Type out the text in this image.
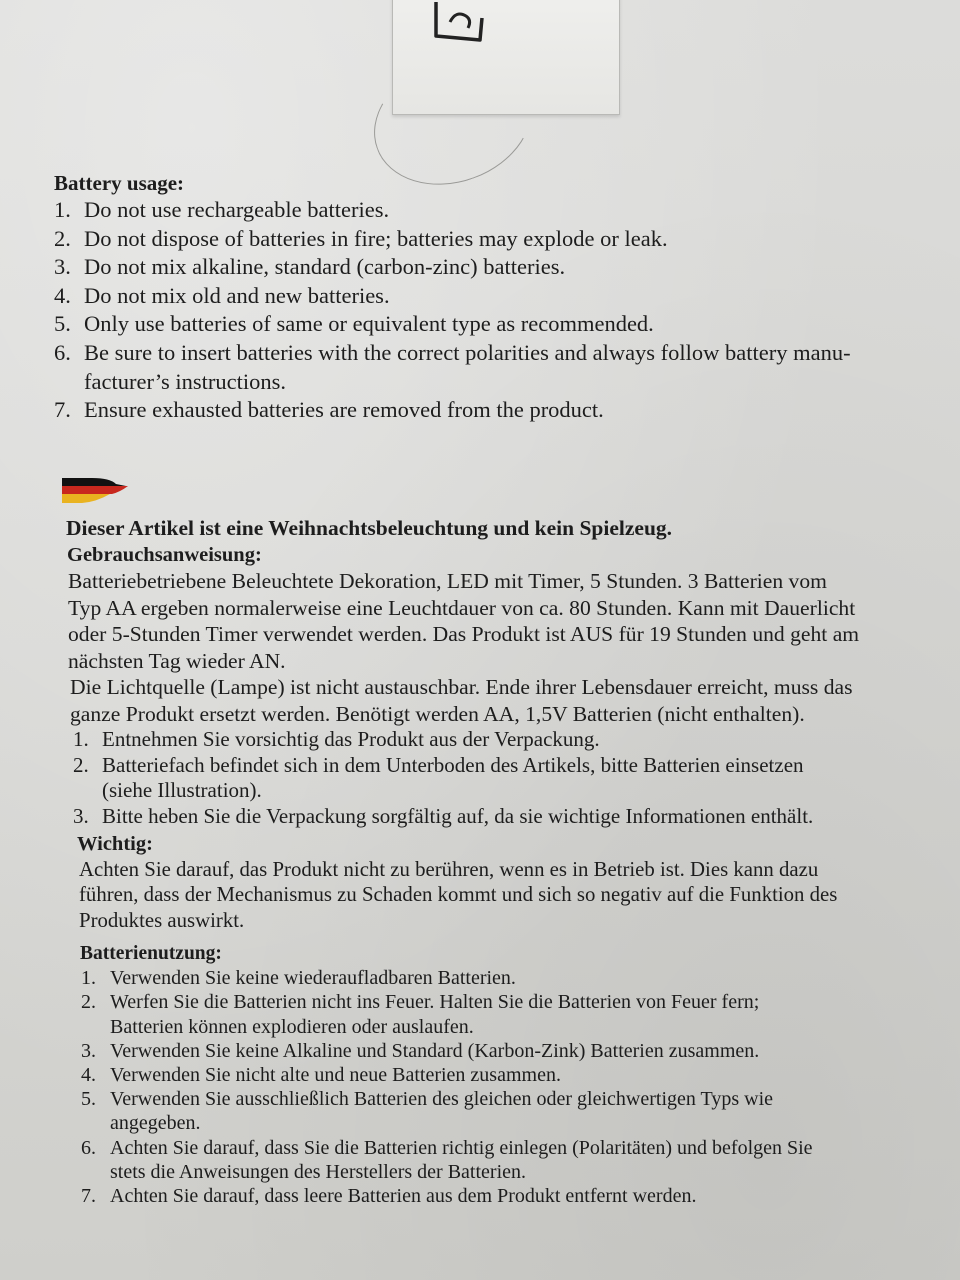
Battery usage:
1. Do not use rechargeable batteries.
2. Do not dispose of batteries in fire; batteries may explode or leak.
3. Do not mix alkaline, standard (carbon-zinc) batteries.
4. Do not mix old and new batteries.
5. Only use batteries of same or equivalent type as recommended.
6. Be sure to insert batteries with the correct polarities and always follow battery manu-
facturer’s instructions.
7. Ensure exhausted batteries are removed from the product.
Dieser Artikel ist eine Weihnachtsbeleuchtung und kein Spielzeug.
Gebrauchsanweisung:
Batteriebetriebene Beleuchtete Dekoration, LED mit Timer, 5 Stunden. 3 Batterien vom
Typ AA ergeben normalerweise eine Leuchtdauer von ca. 80 Stunden. Kann mit Dauerlicht
oder 5-Stunden Timer verwendet werden. Das Produkt ist AUS für 19 Stunden und geht am
nächsten Tag wieder AN.
Die Lichtquelle (Lampe) ist nicht austauschbar. Ende ihrer Lebensdauer erreicht, muss das
ganze Produkt ersetzt werden. Benötigt werden AA, 1,5V Batterien (nicht enthalten).
1. Entnehmen Sie vorsichtig das Produkt aus der Verpackung.
2. Batteriefach befindet sich in dem Unterboden des Artikels, bitte Batterien einsetzen
(siehe Illustration).
3. Bitte heben Sie die Verpackung sorgfältig auf, da sie wichtige Informationen enthält.
Wichtig:
Achten Sie darauf, das Produkt nicht zu berühren, wenn es in Betrieb ist. Dies kann dazu
führen, dass der Mechanismus zu Schaden kommt und sich so negativ auf die Funktion des
Produktes auswirkt.
Batterienutzung:
1. Verwenden Sie keine wiederaufladbaren Batterien.
2. Werfen Sie die Batterien nicht ins Feuer. Halten Sie die Batterien von Feuer fern;
Batterien können explodieren oder auslaufen.
3. Verwenden Sie keine Alkaline und Standard (Karbon-Zink) Batterien zusammen.
4. Verwenden Sie nicht alte und neue Batterien zusammen.
5. Verwenden Sie ausschließlich Batterien des gleichen oder gleichwertigen Typs wie
angegeben.
6. Achten Sie darauf, dass Sie die Batterien richtig einlegen (Polaritäten) und befolgen Sie
stets die Anweisungen des Herstellers der Batterien.
7. Achten Sie darauf, dass leere Batterien aus dem Produkt entfernt werden.
